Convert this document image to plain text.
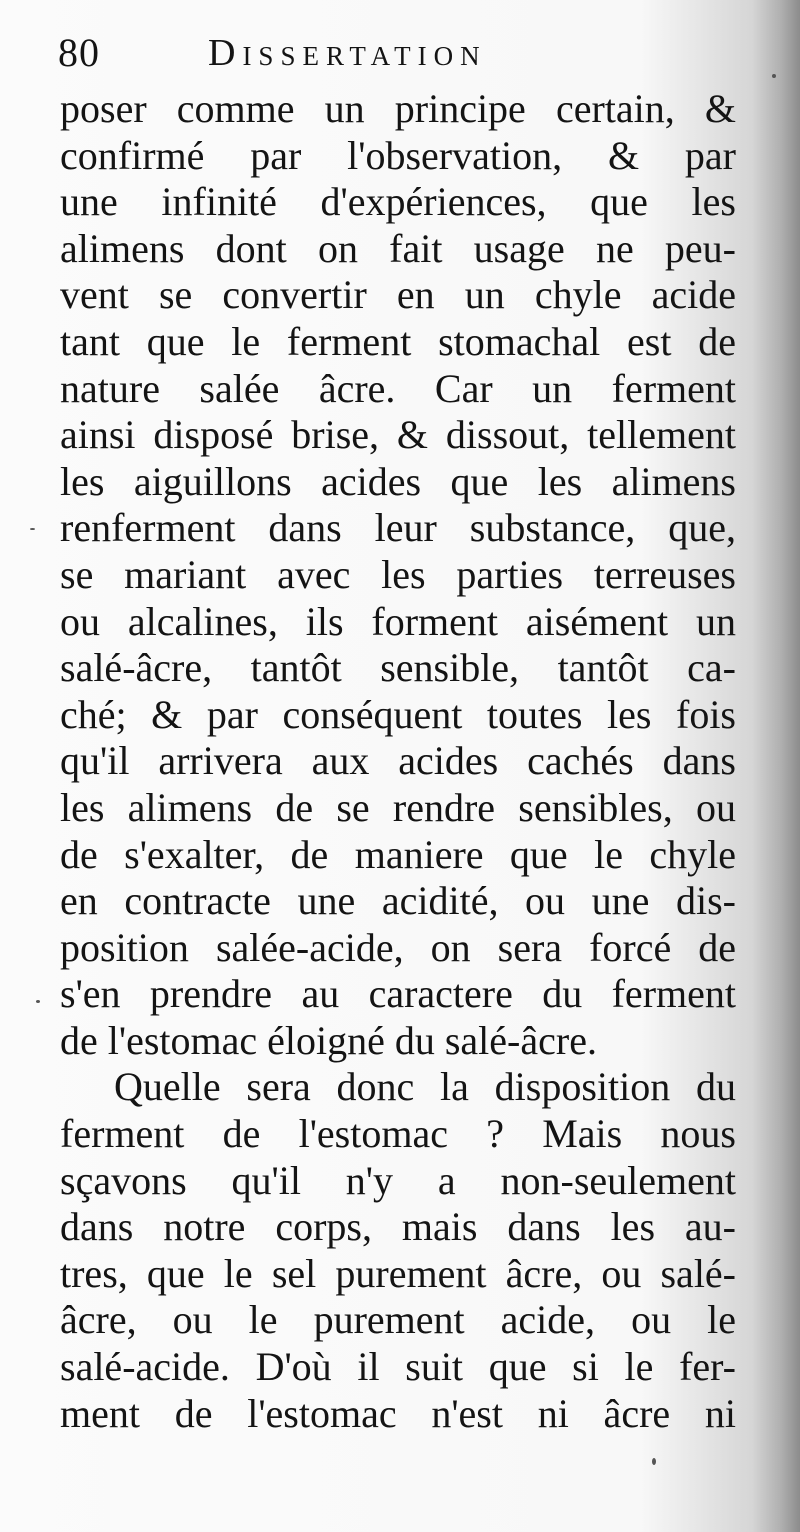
80	Dissertation
poser comme un principe certain, &
confirmé par l'observation, & par
une infinité d'expériences, que les
alimens dont on fait usage ne peu-
vent se convertir en un chyle acide
tant que le ferment stomachal est de
nature salée âcre. Car un ferment
ainsi disposé brise, & dissout, tellement
les aiguillons acides que les alimens
renferment dans leur substance, que,
se mariant avec les parties terreuses
ou alcalines, ils forment aisément un
salé-âcre, tantôt sensible, tantôt ca-
ché; & par conséquent toutes les fois
qu'il arrivera aux acides cachés dans
les alimens de se rendre sensibles, ou
de s'exalter, de maniere que le chyle
en contracte une acidité, ou une dis-
position salée-acide, on sera forcé de
s'en prendre au caractere du ferment
de l'estomac éloigné du salé-âcre.
Quelle sera donc la disposition du
ferment de l'estomac ? Mais nous
sçavons qu'il n'y a non-seulement
dans notre corps, mais dans les au-
tres, que le sel purement âcre, ou salé-
âcre, ou le purement acide, ou le
salé-acide. D'où il suit que si le fer-
ment de l'estomac n'est ni âcre ni
